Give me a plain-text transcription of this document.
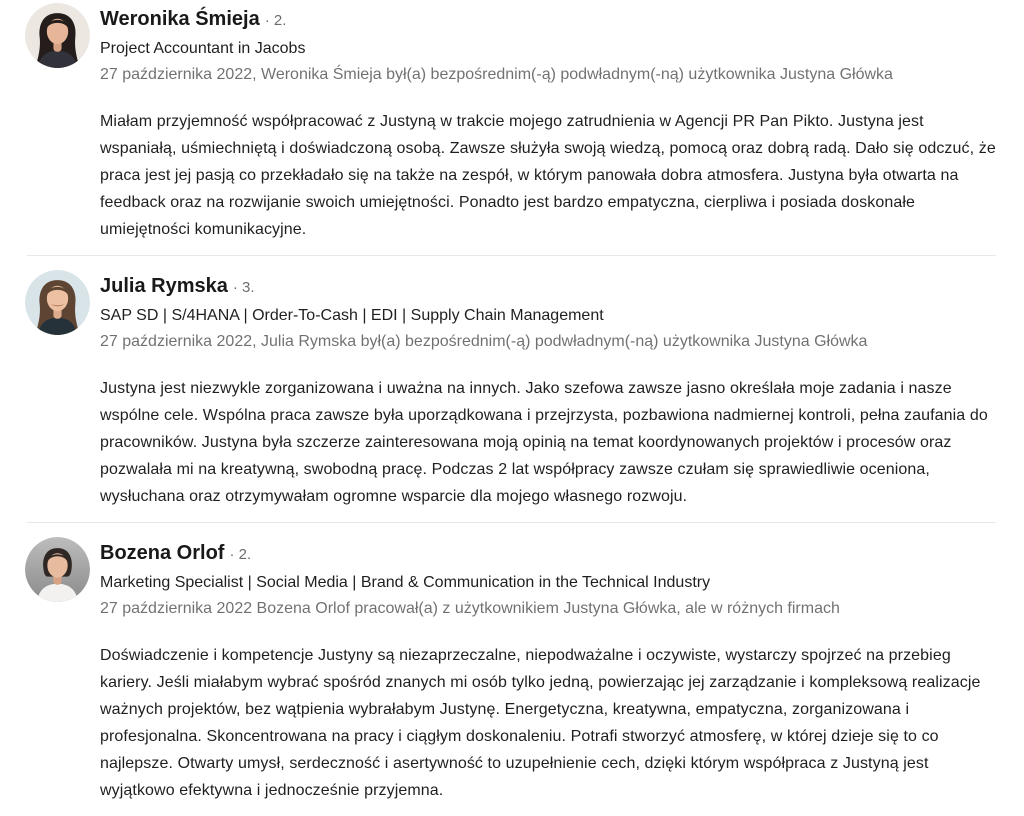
Weronika Śmieja · 2.
Project Accountant in Jacobs
27 października 2022, Weronika Śmieja był(a) bezpośrednim(-ą) podwładnym(-ną) użytkownika Justyna Główka
Miałam przyjemność współpracować z Justyną w trakcie mojego zatrudnienia w Agencji PR Pan Pikto. Justyna jest wspaniałą, uśmiechniętą i doświadczoną osobą. Zawsze służyła swoją wiedzą, pomocą oraz dobrą radą. Dało się odczuć, że praca jest jej pasją co przekładało się na także na zespół, w którym panowała dobra atmosfera. Justyna była otwarta na feedback oraz na rozwijanie swoich umiejętności. Ponadto jest bardzo empatyczna, cierpliwa i posiada doskonałe umiejętności komunikacyjne.
Julia Rymska · 3.
SAP SD | S/4HANA | Order-To-Cash | EDI | Supply Chain Management
27 października 2022, Julia Rymska był(a) bezpośrednim(-ą) podwładnym(-ną) użytkownika Justyna Główka
Justyna jest niezwykle zorganizowana i uważna na innych. Jako szefowa zawsze jasno określała moje zadania i nasze wspólne cele. Wspólna praca zawsze była uporządkowana i przejrzysta, pozbawiona nadmiernej kontroli, pełna zaufania do pracowników. Justyna była szczerze zainteresowana moją opinią na temat koordynowanych projektów i procesów oraz pozwalała mi na kreatywną, swobodną pracę. Podczas 2 lat współpracy zawsze czułam się sprawiedliwie oceniona, wysłuchana oraz otrzymywałam ogromne wsparcie dla mojego własnego rozwoju.
Bozena Orlof · 2.
Marketing Specialist | Social Media | Brand & Communication in the Technical Industry
27 października 2022 Bozena Orlof pracował(a) z użytkownikiem Justyna Główka, ale w różnych firmach
Doświadczenie i kompetencje Justyny są niezaprzeczalne, niepodważalne i oczywiste, wystarczy spojrzeć na przebieg kariery. Jeśli miałabym wybrać spośród znanych mi osób tylko jedną, powierzając jej zarządzanie i kompleksową realizacje ważnych projektów, bez wątpienia wybrałabym Justynę. Energetyczna, kreatywna, empatyczna, zorganizowana i profesjonalna. Skoncentrowana na pracy i ciągłym doskonaleniu. Potrafi stworzyć atmosferę, w której dzieje się to co najlepsze. Otwarty umysł, serdeczność i asertywność to uzupełnienie cech, dzięki którym współpraca z Justyną jest wyjątkowo efektywna i jednocześnie przyjemna.
